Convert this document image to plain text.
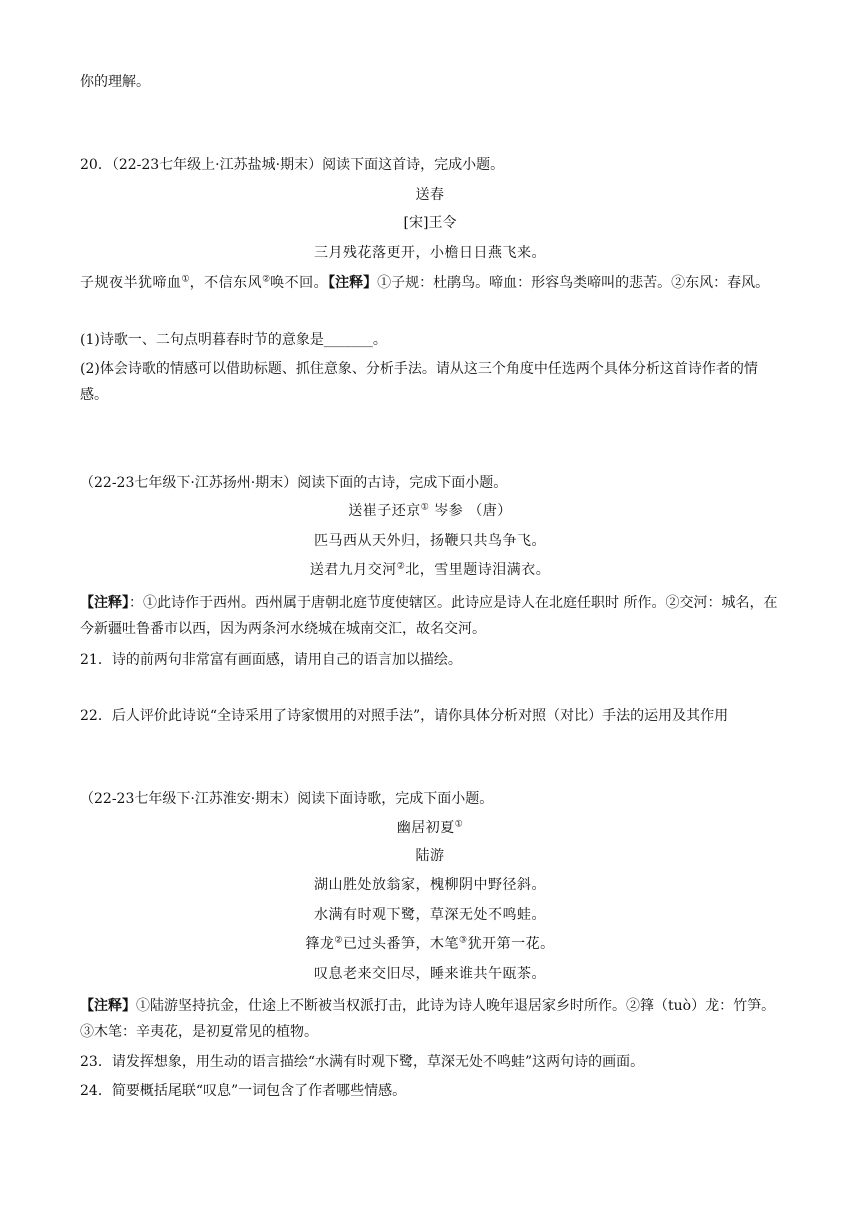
你的理解。
20．（22-23七年级上·江苏盐城·期末）阅读下面这首诗，完成小题。
送春
[宋]王令
三月残花落更开，小檐日日燕飞来。
子规夜半犹啼血①，不信东风②唤不回。【注释】①子规：杜鹃鸟。啼血：形容鸟类啼叫的悲苦。②东风：春风。
(1)诗歌一、二句点明暮春时节的意象是_______。
(2)体会诗歌的情感可以借助标题、抓住意象、分析手法。请从这三个角度中任选两个具体分析这首诗作者的情感。
（22-23七年级下·江苏扬州·期末）阅读下面的古诗，完成下面小题。
送崔子还京① 岑参 （唐）
匹马西从天外归，扬鞭只共鸟争飞。
送君九月交河②北，雪里题诗泪满衣。
【注释】：①此诗作于西州。西州属于唐朝北庭节度使辖区。此诗应是诗人在北庭任职时 所作。②交河：城名，在今新疆吐鲁番市以西，因为两条河水绕城在城南交汇，故名交河。
21．诗的前两句非常富有画面感，请用自己的语言加以描绘。
22．后人评价此诗说“全诗采用了诗家惯用的对照手法”，请你具体分析对照（对比）手法的运用及其作用
（22-23七年级下·江苏淮安·期末）阅读下面诗歌，完成下面小题。
幽居初夏①
陆游
湖山胜处放翁家，槐柳阴中野径斜。
水满有时观下鹭，草深无处不鸣蛙。
箨龙②已过头番笋，木笔③犹开第一花。
叹息老来交旧尽，睡来谁共午瓯茶。
【注释】①陆游坚持抗金，仕途上不断被当权派打击，此诗为诗人晚年退居家乡时所作。②箨（tuò）龙：竹笋。③木笔：辛夷花，是初夏常见的植物。
23．请发挥想象，用生动的语言描绘“水满有时观下鹭，草深无处不鸣蛙”这两句诗的画面。
24．简要概括尾联“叹息”一词包含了作者哪些情感。
